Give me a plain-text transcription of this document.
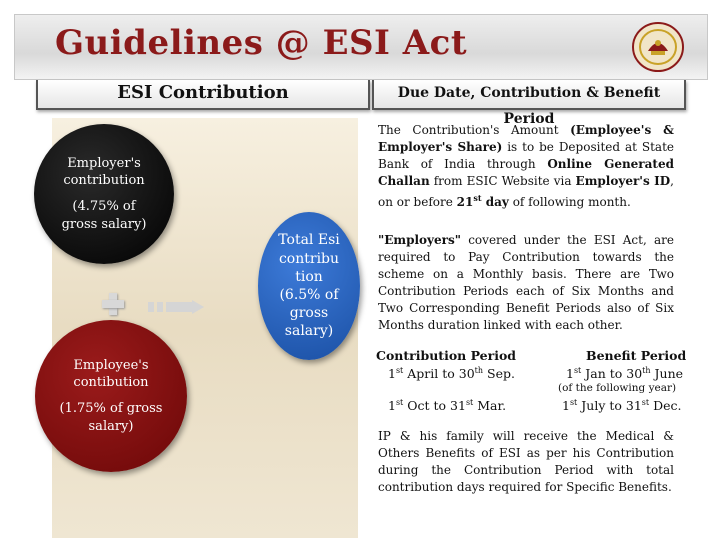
Guidelines @ ESI Act
ESI Contribution	Due Date, Contribution & Benefit Period
Employer's
contribution
(4.75% of
gross salary)
Employee's
contibution
(1.75% of gross
salary)
Total Esi
contribu
tion
(6.5% of
gross
salary)
The Contribution's Amount (Employee's & Employer's Share) is to be Deposited at State Bank of India through Online Generated Challan from ESIC Website via Employer's ID, on or before 21st day of following month.
"Employers" covered under the ESI Act, are required to Pay Contribution towards the scheme on a Monthly basis. There are Two Contribution Periods each of Six Months and Two Corresponding Benefit Periods also of Six Months duration linked with each other.
Contribution Period	Benefit Period
1st April to 30th Sep.	1st Jan to 30th June
(of the following year)
1st Oct to 31st Mar.	1st July to 31st Dec.
IP & his family will receive the Medical & Others Benefits of ESI as per his Contribution during the Contribution Period with total contribution days required for Specific Benefits.
